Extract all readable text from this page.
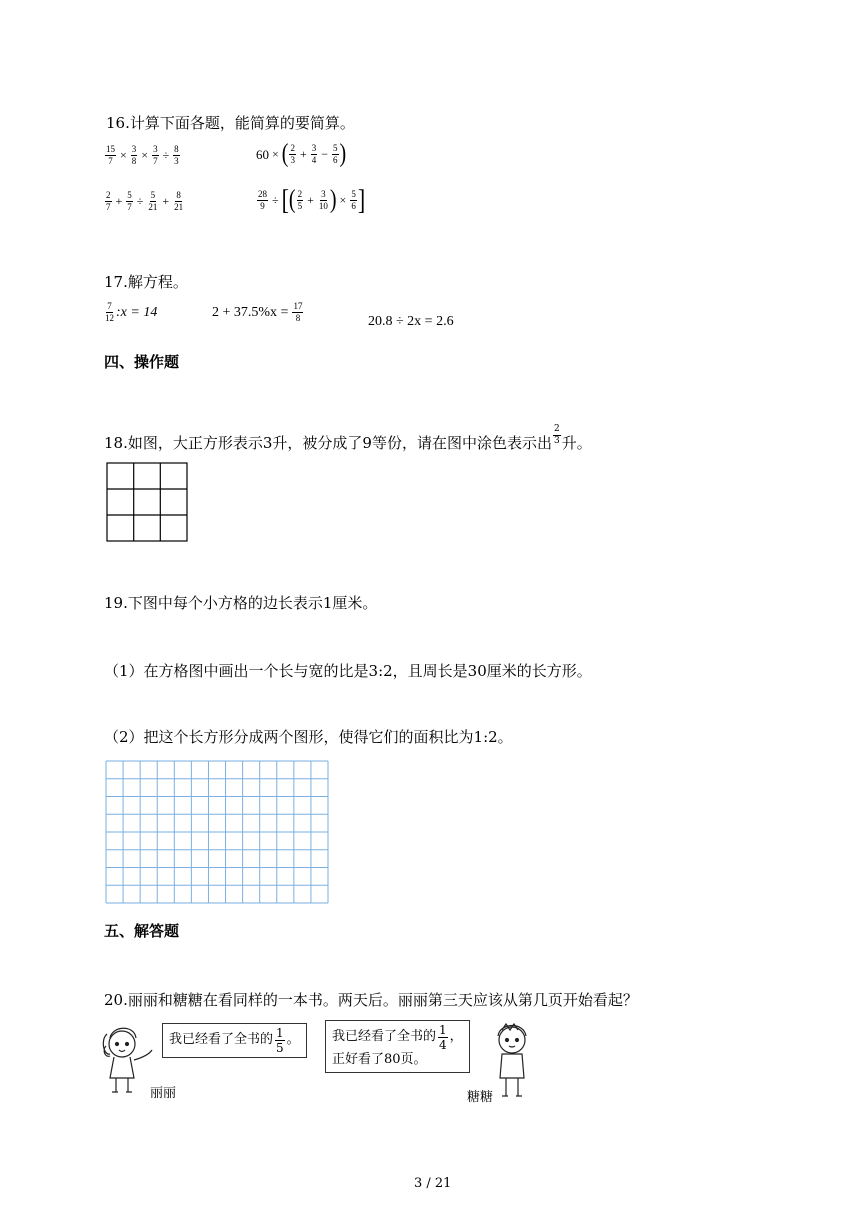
16.计算下面各题，能简算的要简算。
$\frac{15}{7} \times \frac{3}{8} \times \frac{3}{7} \div \frac{8}{3}$	60 × ( $\frac{2}{3} + \frac{3}{4} - \frac{5}{6}$ )
$\frac{2}{7} + \frac{5}{7} \div \frac{5}{21} + \frac{8}{21}$	$\frac{28}{9}$ ÷ [ ( $\frac{2}{5} + \frac{3}{10}$ ) × $\frac{5}{6}$ ]
17.解方程。
$\frac{7}{12}$ :x = 14	$2 + 37.5\%x = \frac{17}{8}$	20.8 ÷ 2x = 2.6
四、操作题
18.如图，大正方形表示3升，被分成了9等份，请在图中涂色表示出 $\frac{2}{3}$ 升。
19.下图中每个小方格的边长表示1厘米。
（1）在方格图中画出一个长与宽的比是3:2，且周长是30厘米的长方形。
（2）把这个长方形分成两个图形，使得它们的面积比为1:2。
五、解答题
20.丽丽和糖糖在看同样的一本书。两天后。丽丽第三天应该从第几页开始看起？
丽丽
我已经看了全书的 $\frac{1}{5}$ 。 我已经看了全书的 $\frac{1}{4}$ ，
正好看了80页。
糖糖
3 / 21
